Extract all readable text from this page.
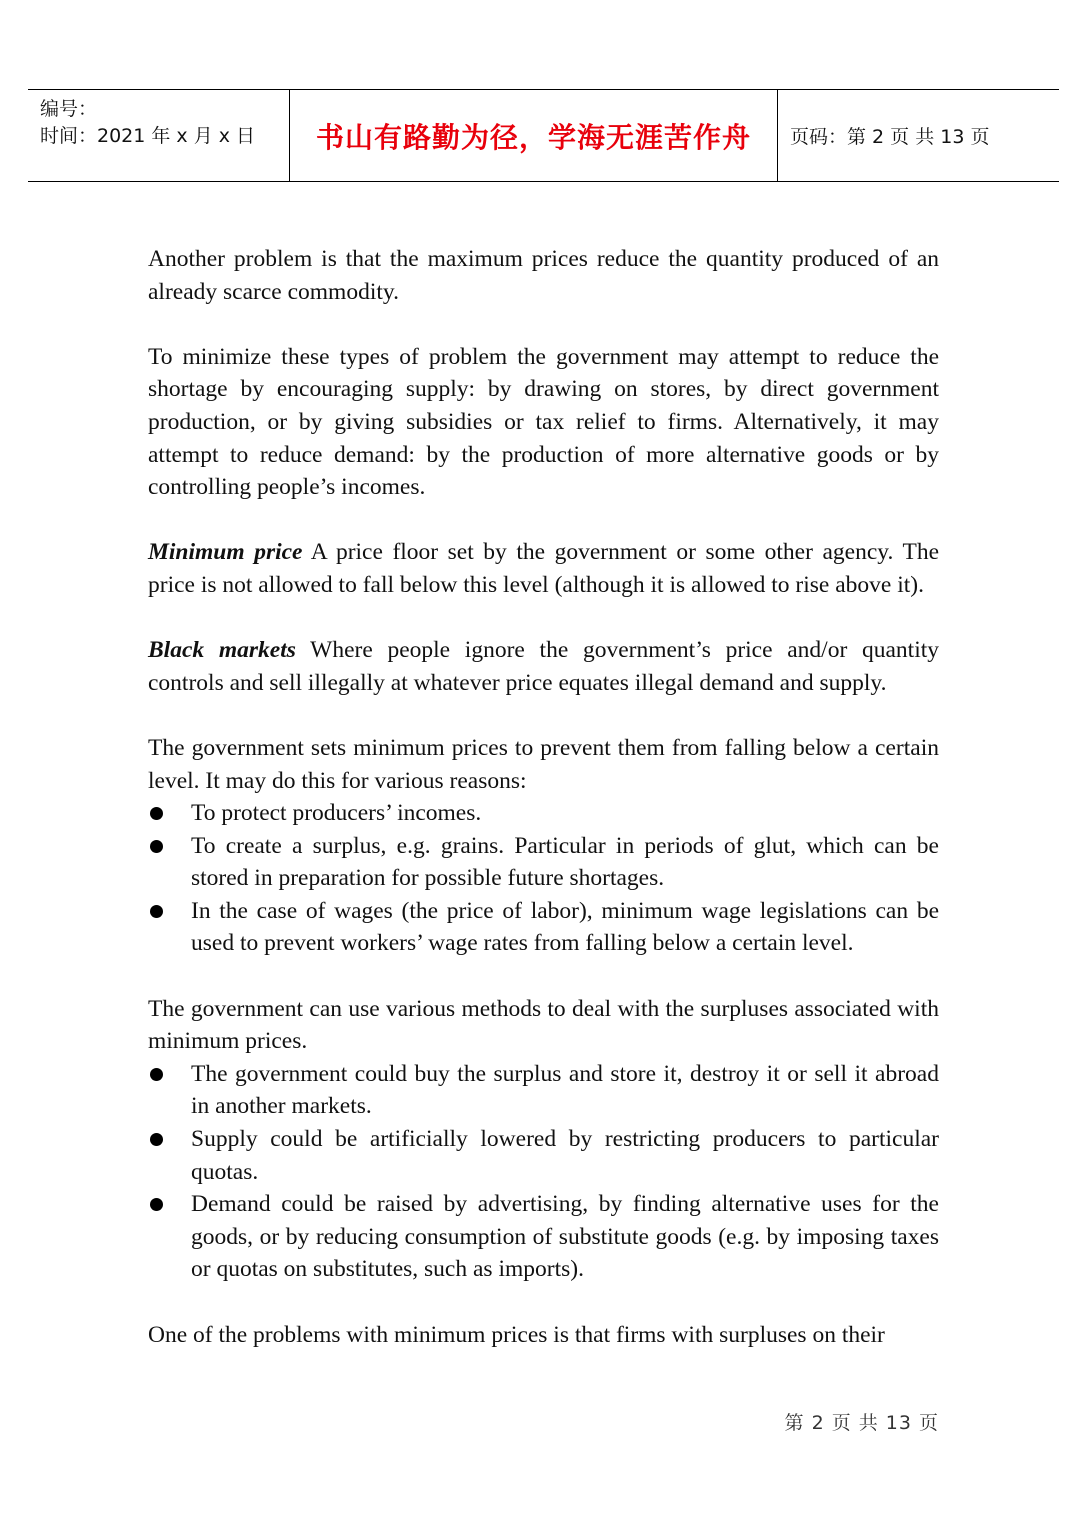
编号：
时间：2021 年 x 月 x 日 书山有路勤为径，学海无涯苦作舟 页码：第 2 页 共 13 页

Another problem is that the maximum prices reduce the quantity produced of an already scarce commodity.

To minimize these types of problem the government may attempt to reduce the shortage by encouraging supply: by drawing on stores, by direct government production, or by giving subsidies or tax relief to firms. Alternatively, it may attempt to reduce demand: by the production of more alternative goods or by controlling people’s incomes.

Minimum price A price floor set by the government or some other agency. The price is not allowed to fall below this level (although it is allowed to rise above it).

Black markets Where people ignore the government’s price and/or quantity controls and sell illegally at whatever price equates illegal demand and supply.

The government sets minimum prices to prevent them from falling below a certain level. It may do this for various reasons:

To protect producers’ incomes.
To create a surplus, e.g. grains. Particular in periods of glut, which can be stored in preparation for possible future shortages.
In the case of wages (the price of labor), minimum wage legislations can be used to prevent workers’ wage rates from falling below a certain level.

The government can use various methods to deal with the surpluses associated with minimum prices.

The government could buy the surplus and store it, destroy it or sell it abroad in another markets.
Supply could be artificially lowered by restricting producers to particular quotas.
Demand could be raised by advertising, by finding alternative uses for the goods, or by reducing consumption of substitute goods (e.g. by imposing taxes or quotas on substitutes, such as imports).

One of the problems with minimum prices is that firms with surpluses on their

第 2 页 共 13 页
